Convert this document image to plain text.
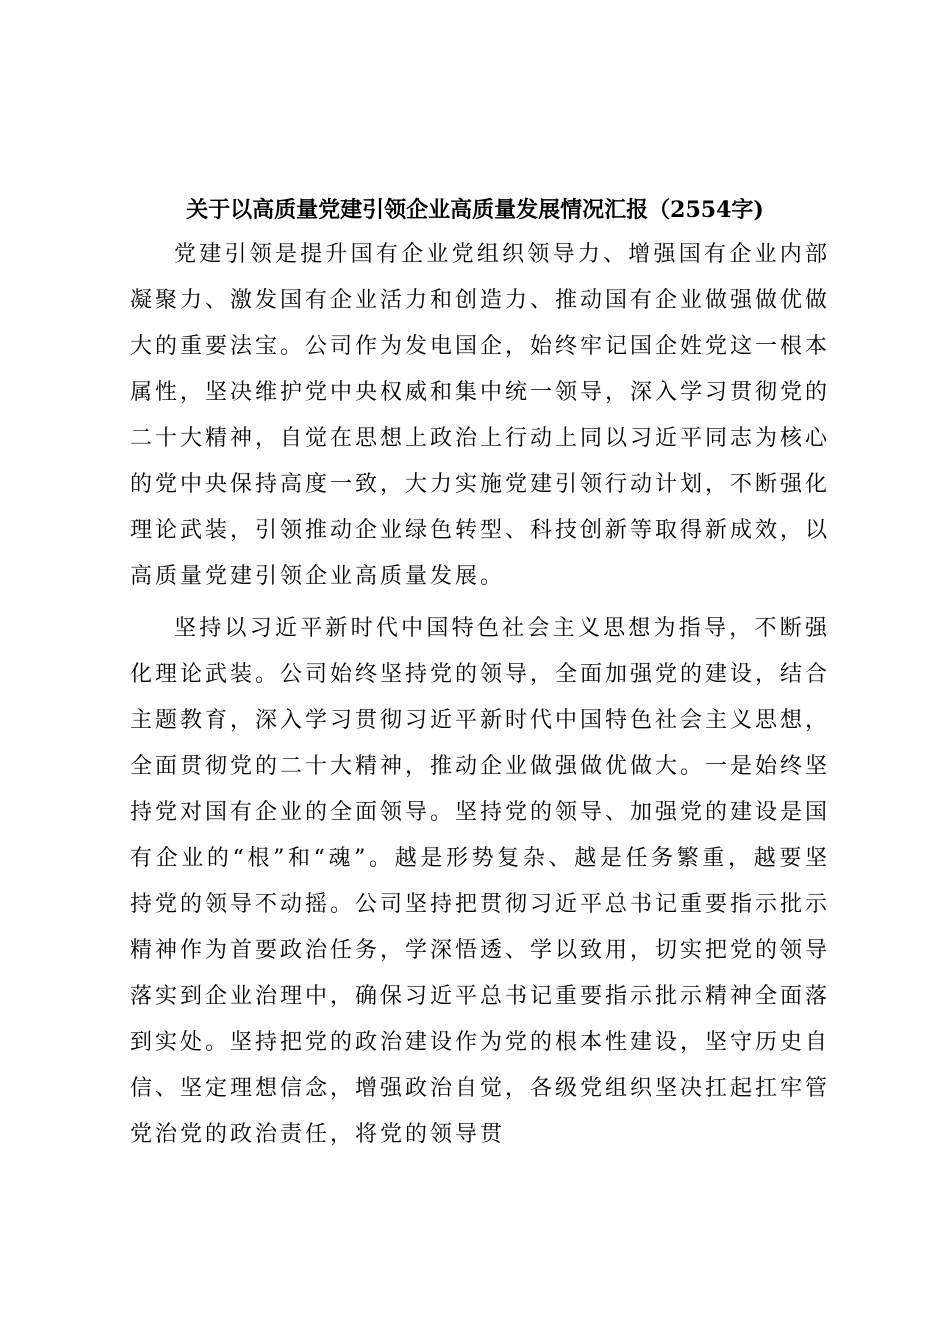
关于以高质量党建引领企业高质量发展情况汇报（2554字)

党建引领是提升国有企业党组织领导力、增强国有企业内部凝聚力、激发国有企业活力和创造力、推动国有企业做强做优做大的重要法宝。公司作为发电国企，始终牢记国企姓党这一根本属性，坚决维护党中央权威和集中统一领导，深入学习贯彻党的二十大精神，自觉在思想上政治上行动上同以习近平同志为核心的党中央保持高度一致，大力实施党建引领行动计划，不断强化理论武装，引领推动企业绿色转型、科技创新等取得新成效，以高质量党建引领企业高质量发展。

坚持以习近平新时代中国特色社会主义思想为指导，不断强化理论武装。公司始终坚持党的领导，全面加强党的建设，结合主题教育，深入学习贯彻习近平新时代中国特色社会主义思想，全面贯彻党的二十大精神，推动企业做强做优做大。一是始终坚持党对国有企业的全面领导。坚持党的领导、加强党的建设是国有企业的“根”和“魂”。越是形势复杂、越是任务繁重，越要坚持党的领导不动摇。公司坚持把贯彻习近平总书记重要指示批示精神作为首要政治任务，学深悟透、学以致用，切实把党的领导落实到企业治理中，确保习近平总书记重要指示批示精神全面落到实处。坚持把党的政治建设作为党的根本性建设，坚守历史自信、坚定理想信念，增强政治自觉，各级党组织坚决扛起扛牢管党治党的政治责任，将党的领导贯
